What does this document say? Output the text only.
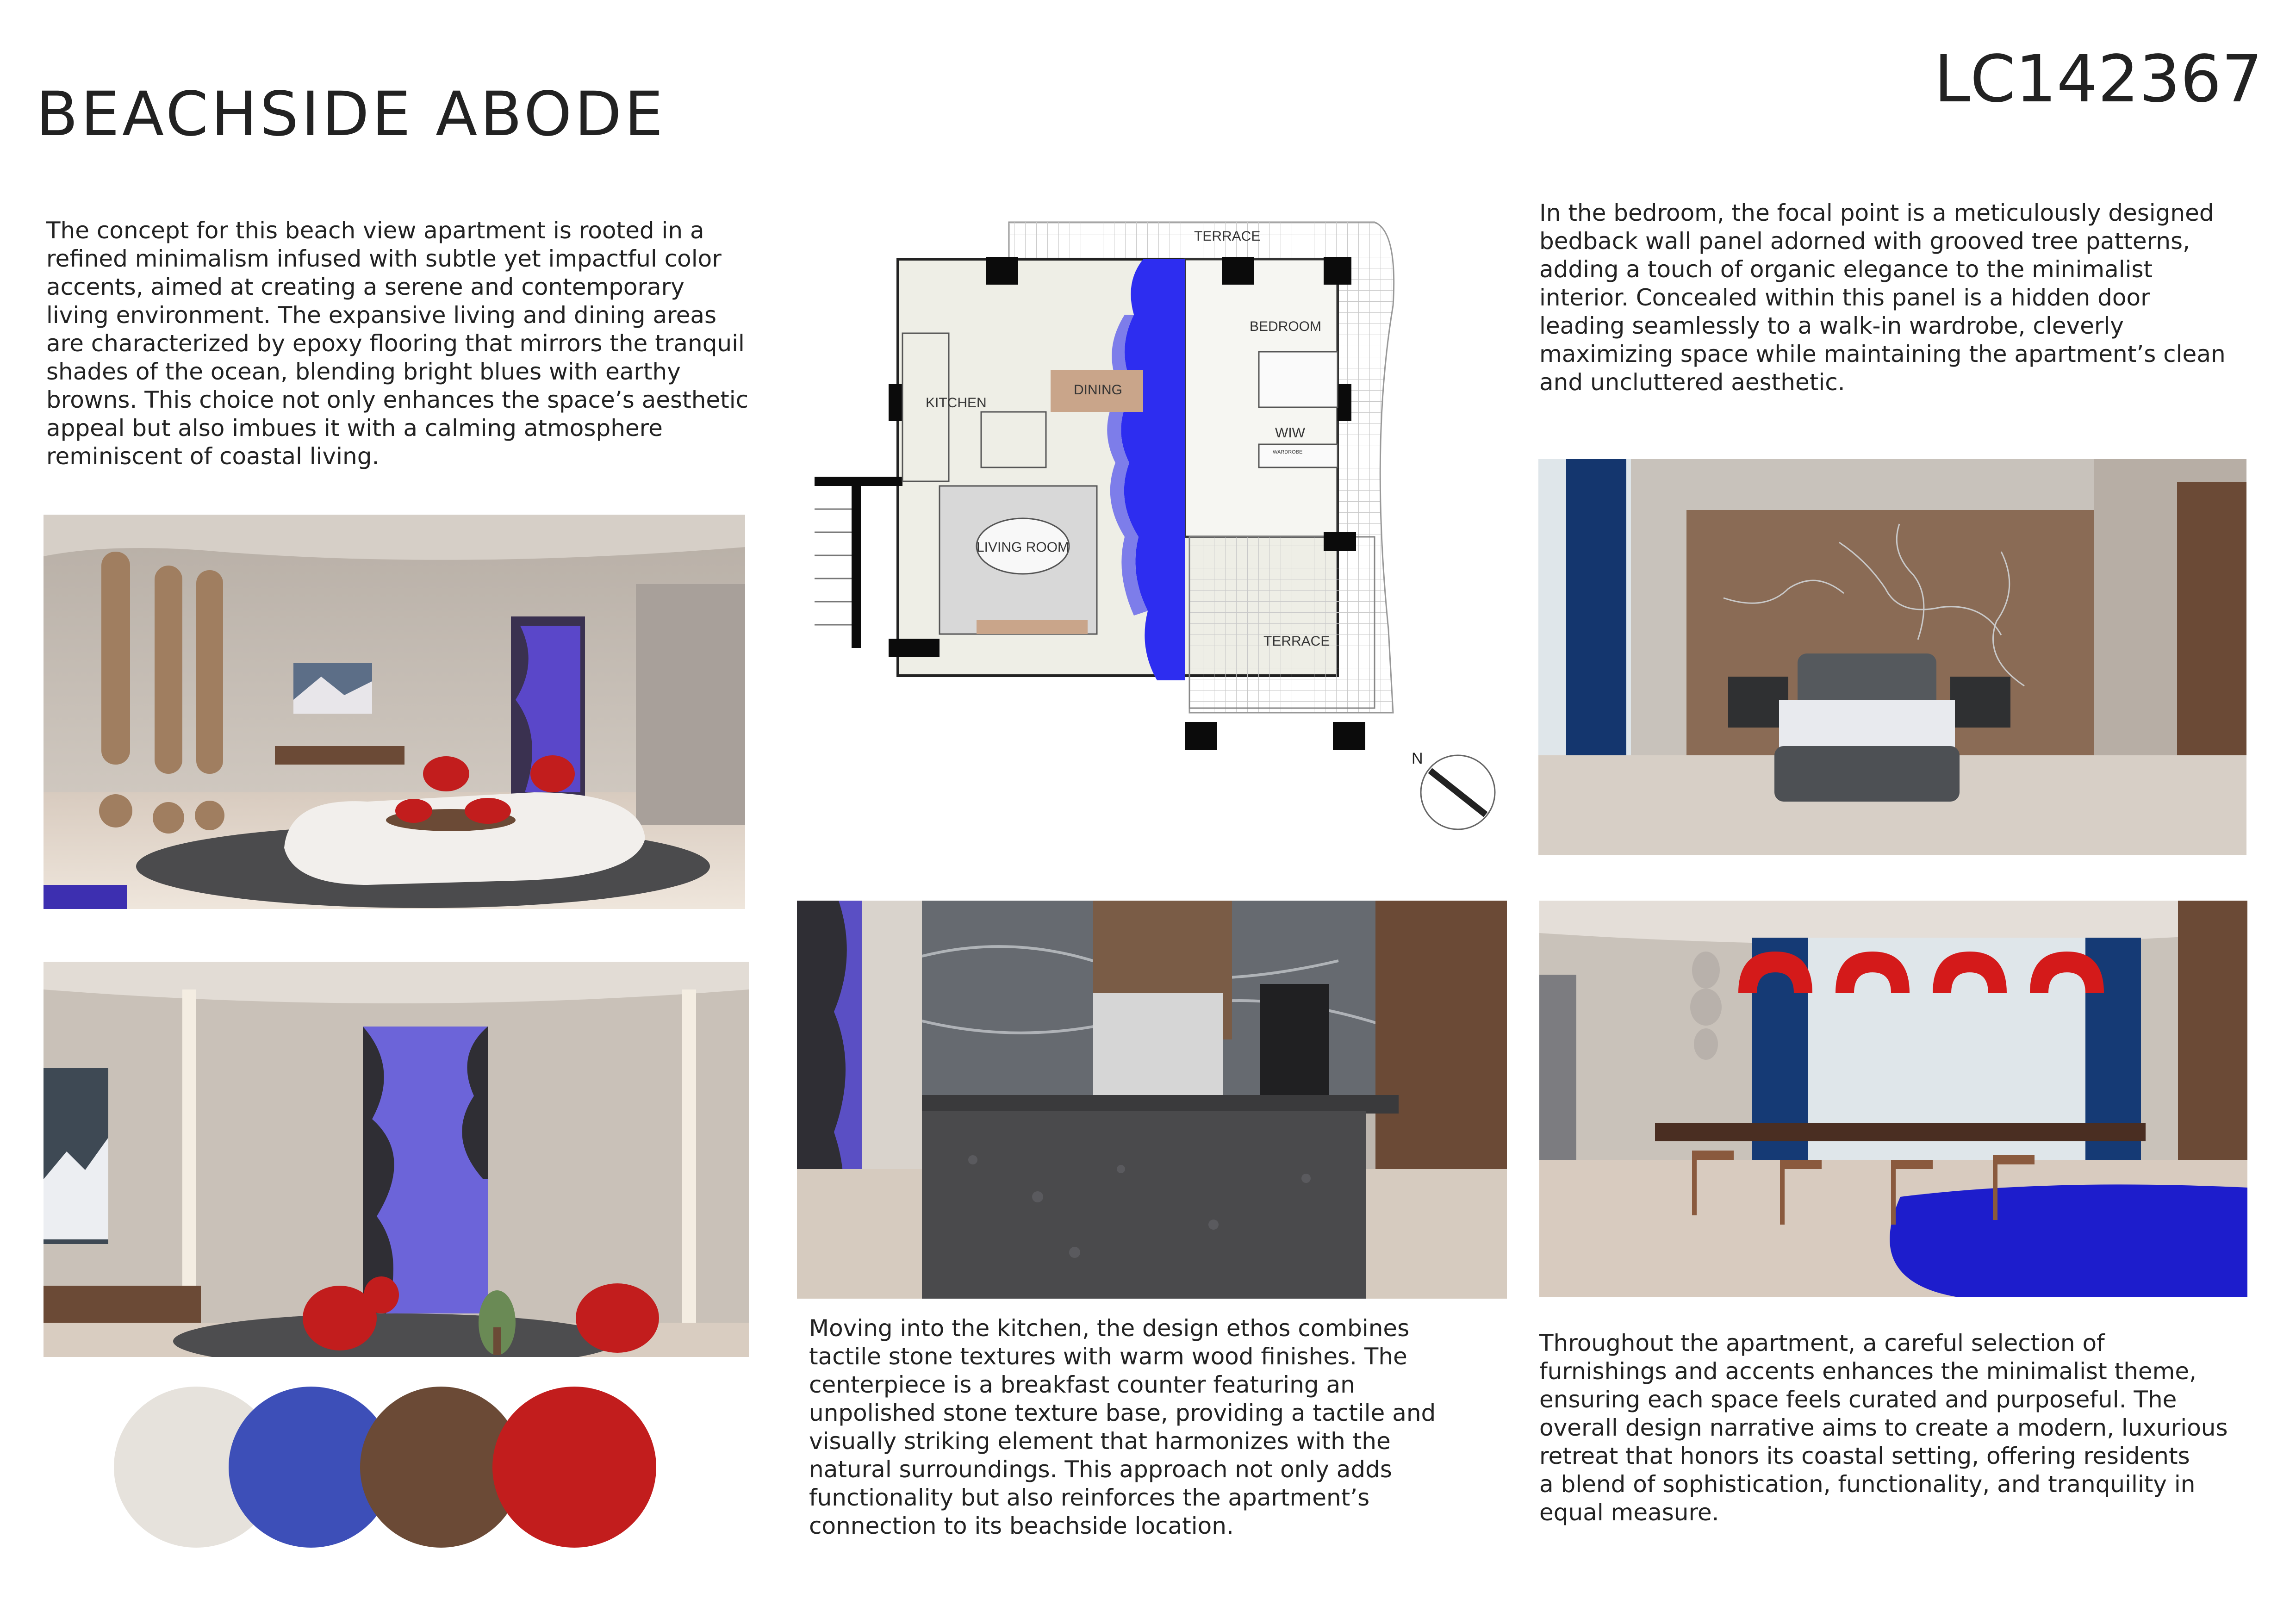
BEACHSIDE ABODE	LC142367
The concept for this beach view apartment is rooted in a
refined minimalism infused with subtle yet impactful color
accents, aimed at creating a serene and contemporary
living environment. The expansive living and dining areas
are characterized by epoxy flooring that mirrors the tranquil
shades of the ocean, blending bright blues with earthy
browns. This choice not only enhances the space’s aesthetic
appeal but also imbues it with a calming atmosphere
reminiscent of coastal living.
In the bedroom, the focal point is a meticulously designed
bedback wall panel adorned with grooved tree patterns,
adding a touch of organic elegance to the minimalist
interior. Concealed within this panel is a hidden door
leading seamlessly to a walk-in wardrobe, cleverly
maximizing space while maintaining the apartment’s clean
and uncluttered aesthetic.
Moving into the kitchen, the design ethos combines
tactile stone textures with warm wood finishes. The
centerpiece is a breakfast counter featuring an
unpolished stone texture base, providing a tactile and
visually striking element that harmonizes with the
natural surroundings. This approach not only adds
functionality but also reinforces the apartment’s
connection to its beachside location.
Throughout the apartment, a careful selection of
furnishings and accents enhances the minimalist theme,
ensuring each space feels curated and purposeful. The
overall design narrative aims to create a modern, luxurious
retreat that honors its coastal setting, offering residents
a blend of sophistication, functionality, and tranquility in
equal measure.
TERRACE
BEDROOM
DINING
KITCHEN
WIW
WARDROBE
LIVING ROOM
TERRACE
N
